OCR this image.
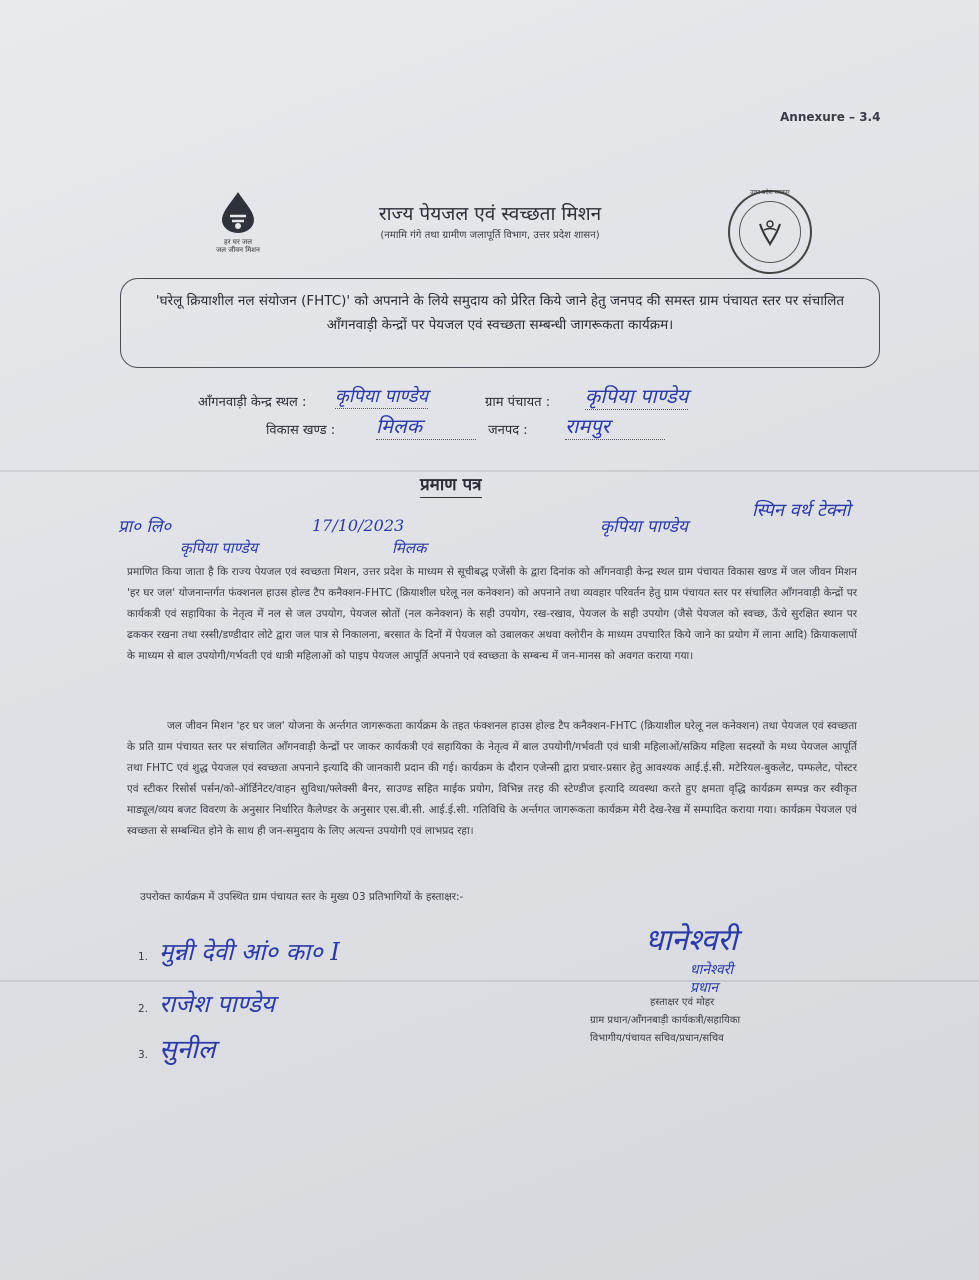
Annexure – 3.4
हर घर जल
जल जीवन मिशन
राज्य पेयजल एवं स्वच्छता मिशन
(नमामि गंगे तथा ग्रामीण जलापूर्ति विभाग, उत्तर प्रदेश शासन)
उत्तर प्रदेश सरकार
'घरेलू क्रियाशील नल संयोजन (FHTC)' को अपनाने के लिये समुदाय को प्रेरित किये जाने हेतु जनपद की समस्त ग्राम पंचायत स्तर पर संचालित आँगनवाड़ी केन्द्रों पर पेयजल एवं स्वच्छता सम्बन्धी जागरूकता कार्यक्रम।
आँगनवाड़ी केन्द्र स्थल : कृपिया पाण्डेय	ग्राम पंचायत : कृपिया पाण्डेय
विकास खण्ड : मिलक	जनपद : रामपुर
प्रमाण पत्र
स्पिन वर्थ टेक्नो
प्रा० लि०	17/10/2023	कृपिया पाण्डेय
कृपिया पाण्डेय	मिलक
प्रमाणित किया जाता है कि राज्य पेयजल एवं स्वच्छता मिशन, उत्तर प्रदेश के माध्यम से सूचीबद्ध एजेंसी के द्वारा दिनांक को आँगनवाड़ी केन्द्र स्थल ग्राम पंचायत विकास खण्ड में जल जीवन मिशन 'हर घर जल' योजनान्तर्गत फंक्शनल हाउस होल्ड टैप कनैक्शन-FHTC (क्रियाशील घरेलू नल कनेक्शन) को अपनाने तथा व्यवहार परिवर्तन हेतु ग्राम पंचायत स्तर पर संचालित आँगनवाड़ी केन्द्रों पर कार्यकत्री एवं सहायिका के नेतृत्व में नल से जल उपयोग, पेयजल स्रोतों (नल कनेक्शन) के सही उपयोग, रख-रखाव, पेयजल के सही उपयोग (जैसे पेयजल को स्वच्छ, ऊँचे सुरक्षित स्थान पर ढककर रखना तथा रस्सी/डण्डीदार लोटे द्वारा जल पात्र से निकालना, बरसात के दिनों में पेयजल को उबालकर अथवा क्लोरीन के माध्यम उपचारित किये जाने का प्रयोग में लाना आदि) क्रियाकलापों के माध्यम से बाल उपयोगी/गर्भवती एवं धात्री महिलाओं को पाइप पेयजल आपूर्ति अपनाने एवं स्वच्छता के सम्बन्ध में जन-मानस को अवगत कराया गया।
जल जीवन मिशन 'हर घर जल' योजना के अर्न्तगत जागरूकता कार्यक्रम के तहत फंक्शनल हाउस होल्ड टैप कनैक्शन-FHTC (क्रियाशील घरेलू नल कनेक्शन) तथा पेयजल एवं स्वच्छता के प्रति ग्राम पंचायत स्तर पर संचालित आँगनवाड़ी केन्द्रों पर जाकर कार्यकत्री एवं सहायिका के नेतृत्व में बाल उपयोगी/गर्भवती एवं धात्री महिलाओं/सक्रिय महिला सदस्यों के मध्य पेयजल आपूर्ति तथा FHTC एवं शुद्ध पेयजल एवं स्वच्छता अपनाने इत्यादि की जानकारी प्रदान की गई। कार्यक्रम के दौरान एजेन्सी द्वारा प्रचार-प्रसार हेतु आवश्यक आई.ई.सी. मटेरियल-बुकलेट, पम्फलेट, पोस्टर एवं स्टीकर रिसोर्स पर्सन/को-ऑर्डिनेटर/वाहन सुविधा/फ्लेक्सी बैनर, साउण्ड सहित माईक प्रयोग, विभिन्न तरह की स्टेण्डीज इत्यादि व्यवस्था करते हुए क्षमता वृद्धि कार्यक्रम सम्पन्न कर स्वीकृत माड्यूल/व्यय बजट विवरण के अनुसार निर्धारित कैलेण्डर के अनुसार एस.बी.सी. आई.ई.सी. गतिविधि के अर्न्तगत जागरूकता कार्यक्रम मेरी देख-रेख में सम्पादित कराया गया। कार्यक्रम पेयजल एवं स्वच्छता से सम्बन्धित होने के साथ ही जन-समुदाय के लिए अत्यन्त उपयोगी एवं लाभप्रद रहा।
उपरोक्त कार्यक्रम में उपस्थित ग्राम पंचायत स्तर के मुख्य 03 प्रतिभागियों के हस्ताक्षर:-
1. मुन्नी देवी आं० का० I
2. राजेश पाण्डेय
3. सुनील
धानेश्वरी
धानेश्वरी
प्रधान
हस्ताक्षर एवं मोहर
ग्राम प्रधान/आँगनबाड़ी कार्यकत्री/सहायिका
विभागीय/पंचायत सचिव/प्रधान/सचिव
